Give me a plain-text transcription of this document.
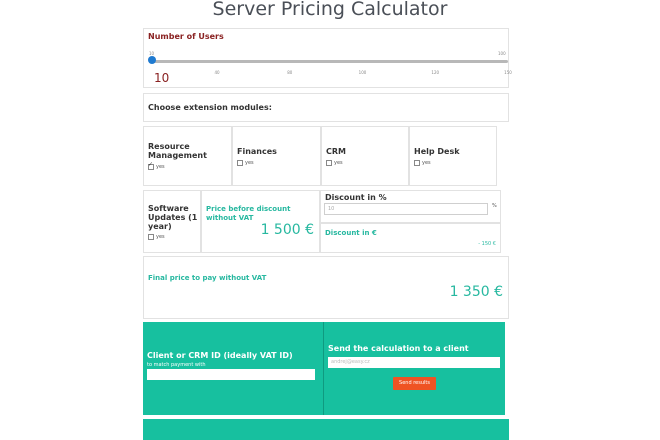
Server Pricing Calculator
Number of Users
10	100
40	80	100	120	150
10
Choose extension modules:
Resource Management
✓
yes
Finances
yes
CRM
yes
Help Desk
yes
Software Updates (1 year)
yes
Price before discount without VAT
1 500 €
Discount in %
10	%
Discount in €
- 150 €
Final price to pay without VAT
1 350 €
Client or CRM ID (ideally VAT ID)
to match payment with
Send the calculation to a client
andrej@easy.cz
Send results
